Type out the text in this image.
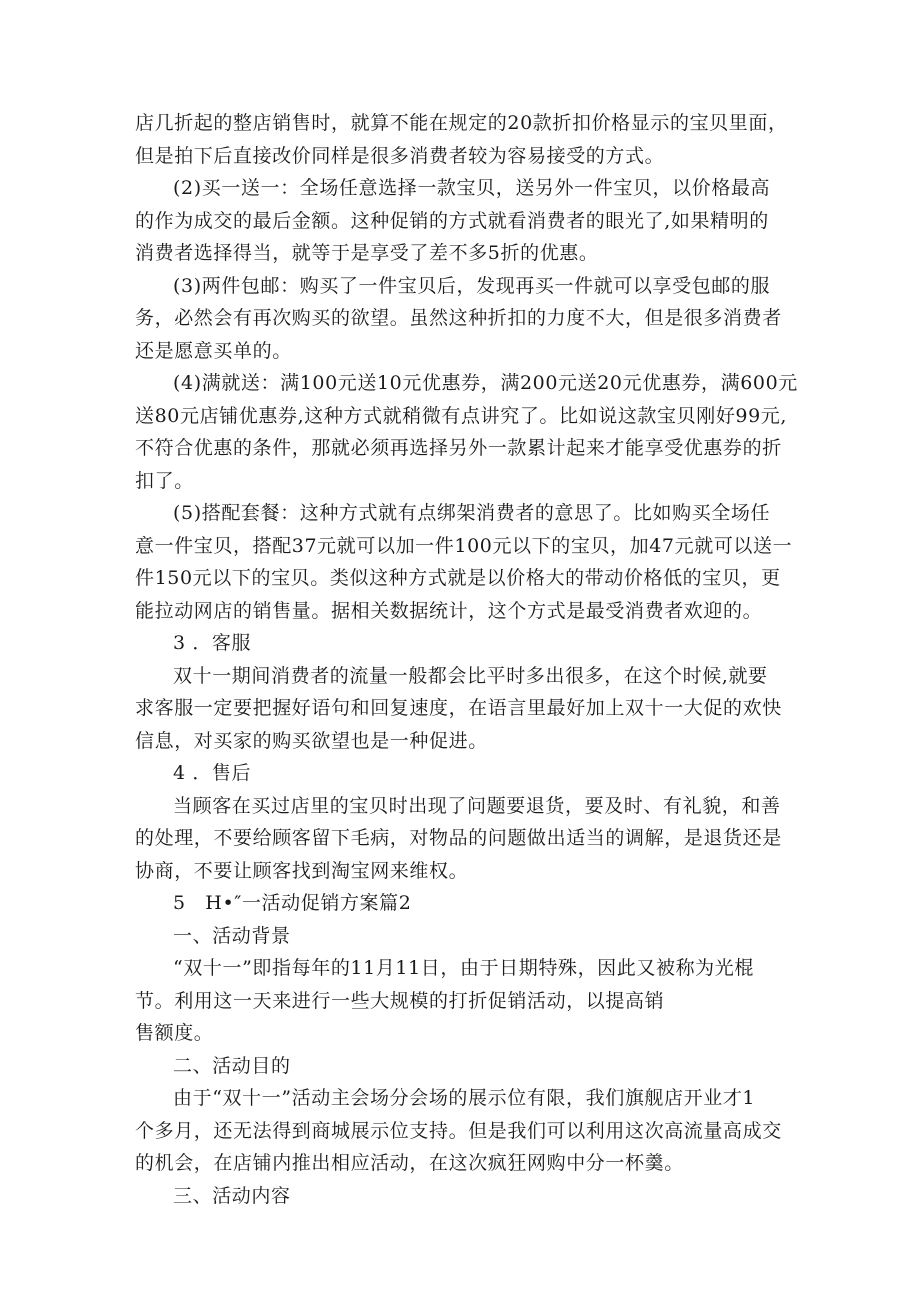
店几折起的整店销售时，就算不能在规定的20款折扣价格显示的宝贝里面，
但是拍下后直接改价同样是很多消费者较为容易接受的方式。
(2)买一送一：全场任意选择一款宝贝，送另外一件宝贝，以价格最高
的作为成交的最后金额。这种促销的方式就看消费者的眼光了,如果精明的
消费者选择得当，就等于是享受了差不多5折的优惠。
(3)两件包邮：购买了一件宝贝后，发现再买一件就可以享受包邮的服
务，必然会有再次购买的欲望。虽然这种折扣的力度不大，但是很多消费者
还是愿意买单的。
(4)满就送：满100元送10元优惠券，满200元送20元优惠券，满600元
送80元店铺优惠券,这种方式就稍微有点讲究了。比如说这款宝贝刚好99元,
不符合优惠的条件，那就必须再选择另外一款累计起来才能享受优惠券的折
扣了。
(5)搭配套餐：这种方式就有点绑架消费者的意思了。比如购买全场任
意一件宝贝，搭配37元就可以加一件100元以下的宝贝，加47元就可以送一
件150元以下的宝贝。类似这种方式就是以价格大的带动价格低的宝贝，更
能拉动网店的销售量。据相关数据统计，这个方式是最受消费者欢迎的。
3 ．客服
双十一期间消费者的流量一般都会比平时多出很多，在这个时候,就要
求客服一定要把握好语句和回复速度，在语言里最好加上双十一大促的欢快
信息，对买家的购买欲望也是一种促进。
4 ．售后
当顾客在买过店里的宝贝时出现了问题要退货，要及时、有礼貌，和善
的处理，不要给顾客留下毛病，对物品的问题做出适当的调解，是退货还是
协商，不要让顾客找到淘宝网来维权。
5　H•″一活动促销方案篇2
一、活动背景
“双十一”即指每年的11月11日，由于日期特殊，因此又被称为光棍
节。利用这一天来进行一些大规模的打折促销活动，以提高销
售额度。
二、活动目的
由于“双十一”活动主会场分会场的展示位有限，我们旗舰店开业才1
个多月，还无法得到商城展示位支持。但是我们可以利用这次高流量高成交
的机会，在店铺内推出相应活动，在这次疯狂网购中分一杯羹。
三、活动内容
